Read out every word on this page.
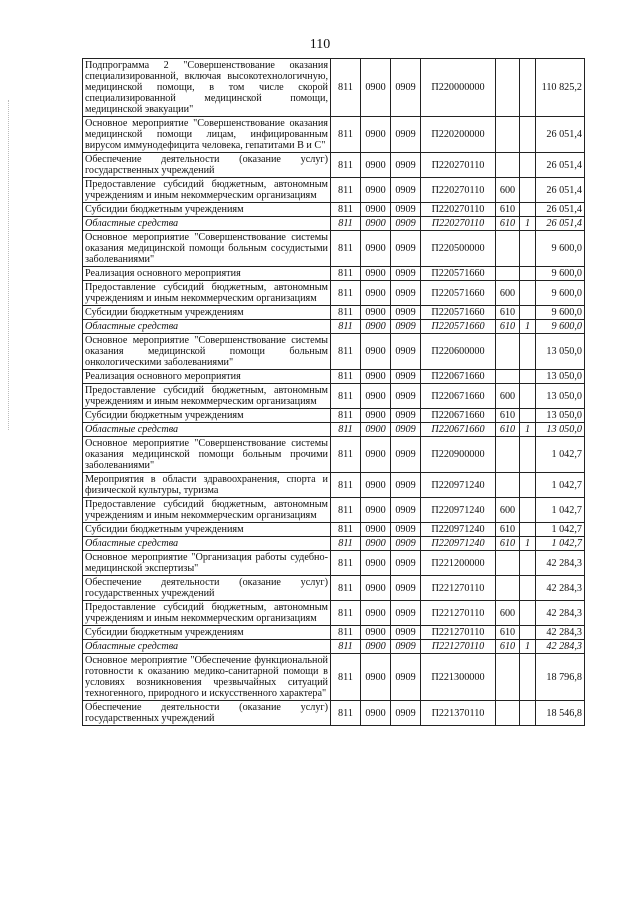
110
Подпрограмма 2 "Совершенствование оказания специализированной, включая высокотехнологичную, медицинской помощи, в том числе скорой специализированной медицинской помощи, медицинской эвакуации"	811	0900	0909	П220000000			110 825,2
Основное мероприятие "Совершенствование оказания медицинской помощи лицам, инфицированным вирусом иммунодефицита человека, гепатитами В и С"	811	0900	0909	П220200000			26 051,4
Обеспечение деятельности (оказание услуг) государственных учреждений	811	0900	0909	П220270110			26 051,4
Предоставление субсидий бюджетным, автономным учреждениям и иным некоммерческим организациям	811	0900	0909	П220270110	600		26 051,4
Субсидии бюджетным учреждениям	811	0900	0909	П220270110	610		26 051,4
Областные средства	811	0900	0909	П220270110	610	1	26 051,4
Основное мероприятие "Совершенствование системы оказания медицинской помощи больным сосудистыми заболеваниями"	811	0900	0909	П220500000			9 600,0
Реализация основного мероприятия	811	0900	0909	П220571660			9 600,0
Предоставление субсидий бюджетным, автономным учреждениям и иным некоммерческим организациям	811	0900	0909	П220571660	600		9 600,0
Субсидии бюджетным учреждениям	811	0900	0909	П220571660	610		9 600,0
Областные средства	811	0900	0909	П220571660	610	1	9 600,0
Основное мероприятие "Совершенствование системы оказания медицинской помощи больным онкологическими заболеваниями"	811	0900	0909	П220600000			13 050,0
Реализация основного мероприятия	811	0900	0909	П220671660			13 050,0
Предоставление субсидий бюджетным, автономным учреждениям и иным некоммерческим организациям	811	0900	0909	П220671660	600		13 050,0
Субсидии бюджетным учреждениям	811	0900	0909	П220671660	610		13 050,0
Областные средства	811	0900	0909	П220671660	610	1	13 050,0
Основное мероприятие "Совершенствование системы оказания медицинской помощи больным прочими заболеваниями"	811	0900	0909	П220900000			1 042,7
Мероприятия в области здравоохранения, спорта и физической культуры, туризма	811	0900	0909	П220971240			1 042,7
Предоставление субсидий бюджетным, автономным учреждениям и иным некоммерческим организациям	811	0900	0909	П220971240	600		1 042,7
Субсидии бюджетным учреждениям	811	0900	0909	П220971240	610		1 042,7
Областные средства	811	0900	0909	П220971240	610	1	1 042,7
Основное мероприятие "Организация работы судебно-медицинской экспертизы"	811	0900	0909	П221200000			42 284,3
Обеспечение деятельности (оказание услуг) государственных учреждений	811	0900	0909	П221270110			42 284,3
Предоставление субсидий бюджетным, автономным учреждениям и иным некоммерческим организациям	811	0900	0909	П221270110	600		42 284,3
Субсидии бюджетным учреждениям	811	0900	0909	П221270110	610		42 284,3
Областные средства	811	0900	0909	П221270110	610	1	42 284,3
Основное мероприятие "Обеспечение функциональной готовности к оказанию медико-санитарной помощи в условиях возникновения чрезвычайных ситуаций техногенного, природного и искусственного характера"	811	0900	0909	П221300000			18 796,8
Обеспечение деятельности (оказание услуг) государственных учреждений	811	0900	0909	П221370110			18 546,8
